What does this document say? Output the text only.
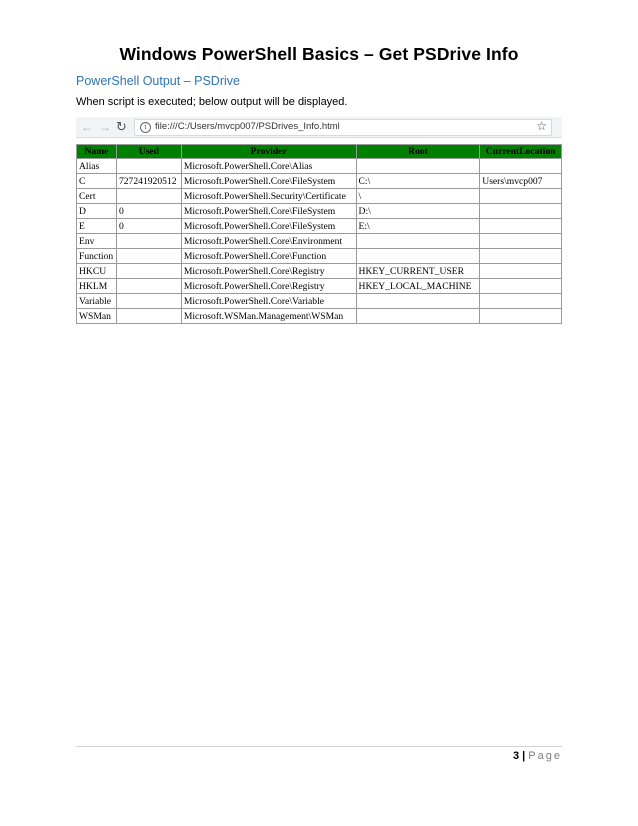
Windows PowerShell Basics – Get PSDrive Info
PowerShell Output – PSDrive
When script is executed; below output will be displayed.
← → ↻	i file:///C:/Users/mvcp007/PSDrives_Info.html	☆
Name	Used	Provider	Root	CurrentLocation
Alias		Microsoft.PowerShell.Core\Alias		
C	727241920512	Microsoft.PowerShell.Core\FileSystem	C:\	Users\mvcp007
Cert		Microsoft.PowerShell.Security\Certificate	\	
D	0	Microsoft.PowerShell.Core\FileSystem	D:\	
E	0	Microsoft.PowerShell.Core\FileSystem	E:\	
Env		Microsoft.PowerShell.Core\Environment		
Function		Microsoft.PowerShell.Core\Function		
HKCU		Microsoft.PowerShell.Core\Registry	HKEY_CURRENT_USER	
HKLM		Microsoft.PowerShell.Core\Registry	HKEY_LOCAL_MACHINE	
Variable		Microsoft.PowerShell.Core\Variable		
WSMan		Microsoft.WSMan.Management\WSMan		
3 | Page
